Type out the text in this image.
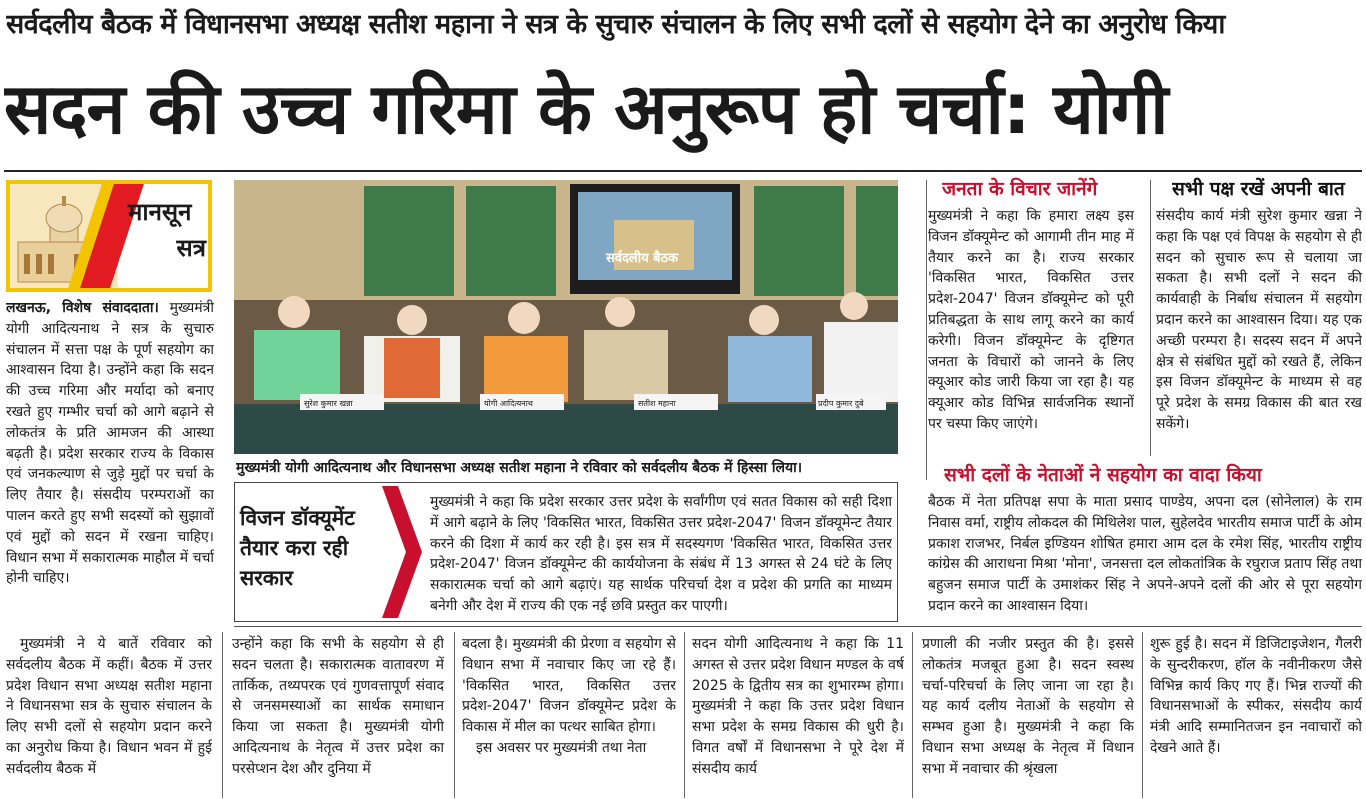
सर्वदलीय बैठक में विधानसभा अध्यक्ष सतीश महाना ने सत्र के सुचारु संचालन के लिए सभी दलों से सहयोग देने का अनुरोध किया
सदन की उच्च गरिमा के अनुरूप हो चर्चा: योगी
मानसून
सत्र
लखनऊ, विशेष संवाददाता। मुख्यमंत्री योगी आदित्यनाथ ने सत्र के सुचारु संचालन में सत्ता पक्ष के पूर्ण सहयोग का आश्वासन दिया है। उन्होंने कहा कि सदन की उच्च गरिमा और मर्यादा को बनाए रखते हुए गम्भीर चर्चा को आगे बढ़ाने से लोकतंत्र के प्रति आमजन की आस्था बढ़ती है। प्रदेश सरकार राज्य के विकास एवं जनकल्याण से जुड़े मुद्दों पर चर्चा के लिए तैयार है। संसदीय परम्पराओं का पालन करते हुए सभी सदस्यों को सुझावों एवं मुद्दों को सदन में रखना चाहिए। विधान सभा में सकारात्मक माहौल में चर्चा होनी चाहिए।
सर्वदलीय बैठक
सुरेश कुमार खन्ना	योगी आदित्यनाथ	सतीश महाना	प्रदीप कुमार दुबे
मुख्यमंत्री योगी आदित्यनाथ और विधानसभा अध्यक्ष सतीश महाना ने रविवार को सर्वदलीय बैठक में हिस्सा लिया।
विजन डॉक्यूमेंट तैयार करा रही सरकार
मुख्यमंत्री ने कहा कि प्रदेश सरकार उत्तर प्रदेश के सर्वांगीण एवं सतत विकास को सही दिशा में आगे बढ़ाने के लिए 'विकसित भारत, विकसित उत्तर प्रदेश-2047' विजन डॉक्यूमेन्ट तैयार करने की दिशा में कार्य कर रही है। इस सत्र में सदस्यगण 'विकसित भारत, विकसित उत्तर प्रदेश-2047' विजन डॉक्यूमेन्ट की कार्ययोजना के संबंध में 13 अगस्त से 24 घंटे के लिए सकारात्मक चर्चा को आगे बढ़ाएं। यह सार्थक परिचर्चा देश व प्रदेश की प्रगति का माध्यम बनेगी और देश में राज्य की एक नई छवि प्रस्तुत कर पाएगी।
जनता के विचार जानेंगे
मुख्यमंत्री ने कहा कि हमारा लक्ष्य इस विजन डॉक्यूमेन्ट को आगामी तीन माह में तैयार करने का है। राज्य सरकार 'विकसित भारत, विकसित उत्तर प्रदेश-2047' विजन डॉक्यूमेन्ट को पूरी प्रतिबद्धता के साथ लागू करने का कार्य करेगी। विजन डॉक्यूमेन्ट के दृष्टिगत जनता के विचारों को जानने के लिए क्यूआर कोड जारी किया जा रहा है। यह क्यूआर कोड विभिन्न सार्वजनिक स्थानों पर चस्पा किए जाएंगे।
सभी पक्ष रखें अपनी बात
संसदीय कार्य मंत्री सुरेश कुमार खन्ना ने कहा कि पक्ष एवं विपक्ष के सहयोग से ही सदन को सुचारु रूप से चलाया जा सकता है। सभी दलों ने सदन की कार्यवाही के निर्बाध संचालन में सहयोग प्रदान करने का आश्वासन दिया। यह एक अच्छी परम्परा है। सदस्य सदन में अपने क्षेत्र से संबंधित मुद्दों को रखते हैं, लेकिन इस विजन डॉक्यूमेन्ट के माध्यम से वह पूरे प्रदेश के समग्र विकास की बात रख सकेंगे।
सभी दलों के नेताओं ने सहयोग का वादा किया
बैठक में नेता प्रतिपक्ष सपा के माता प्रसाद पाण्डेय, अपना दल (सोनेलाल) के राम निवास वर्मा, राष्ट्रीय लोकदल की मिथिलेश पाल, सुहेलदेव भारतीय समाज पार्टी के ओम प्रकाश राजभर, निर्बल इण्डियन शोषित हमारा आम दल के रमेश सिंह, भारतीय राष्ट्रीय कांग्रेस की आराधना मिश्रा 'मोना', जनसत्ता दल लोकतांत्रिक के रघुराज प्रताप सिंह तथा बहुजन समाज पार्टी के उमाशंकर सिंह ने अपने-अपने दलों की ओर से पूरा सहयोग प्रदान करने का आश्वासन दिया।
मुख्यमंत्री ने ये बातें रविवार को सर्वदलीय बैठक में कहीं। बैठक में उत्तर प्रदेश विधान सभा अध्यक्ष सतीश महाना ने विधानसभा सत्र के सुचारु संचालन के लिए सभी दलों से सहयोग प्रदान करने का अनुरोध किया है। विधान भवन में हुई सर्वदलीय बैठक में
उन्होंने कहा कि सभी के सहयोग से ही सदन चलता है। सकारात्मक वातावरण में तार्किक, तथ्यपरक एवं गुणवत्तापूर्ण संवाद से जनसमस्याओं का सार्थक समाधान किया जा सकता है। मुख्यमंत्री योगी आदित्यनाथ के नेतृत्व में उत्तर प्रदेश का परसेप्शन देश और दुनिया में
बदला है। मुख्यमंत्री की प्रेरणा व सहयोग से विधान सभा में नवाचार किए जा रहे हैं। 'विकसित भारत, विकसित उत्तर प्रदेश-2047' विजन डॉक्यूमेन्ट प्रदेश के विकास में मील का पत्थर साबित होगा।
इस अवसर पर मुख्यमंत्री तथा नेता
सदन योगी आदित्यनाथ ने कहा कि 11 अगस्त से उत्तर प्रदेश विधान मण्डल के वर्ष 2025 के द्वितीय सत्र का शुभारम्भ होगा। मुख्यमंत्री ने कहा कि उत्तर प्रदेश विधान सभा प्रदेश के समग्र विकास की धुरी है। विगत वर्षों में विधानसभा ने पूरे देश में संसदीय कार्य
प्रणाली की नजीर प्रस्तुत की है। इससे लोकतंत्र मजबूत हुआ है। सदन स्वस्थ चर्चा-परिचर्चा के लिए जाना जा रहा है। यह कार्य दलीय नेताओं के सहयोग से सम्भव हुआ है। मुख्यमंत्री ने कहा कि विधान सभा अध्यक्ष के नेतृत्व में विधान सभा में नवाचार की श्रृंखला
शुरू हुई है। सदन में डिजिटाइजेशन, गैलरी के सुन्दरीकरण, हॉल के नवीनीकरण जैसे विभिन्न कार्य किए गए हैं। भिन्न राज्यों की विधानसभाओं के स्पीकर, संसदीय कार्य मंत्री आदि सम्मानितजन इन नवाचारों को देखने आते हैं।
